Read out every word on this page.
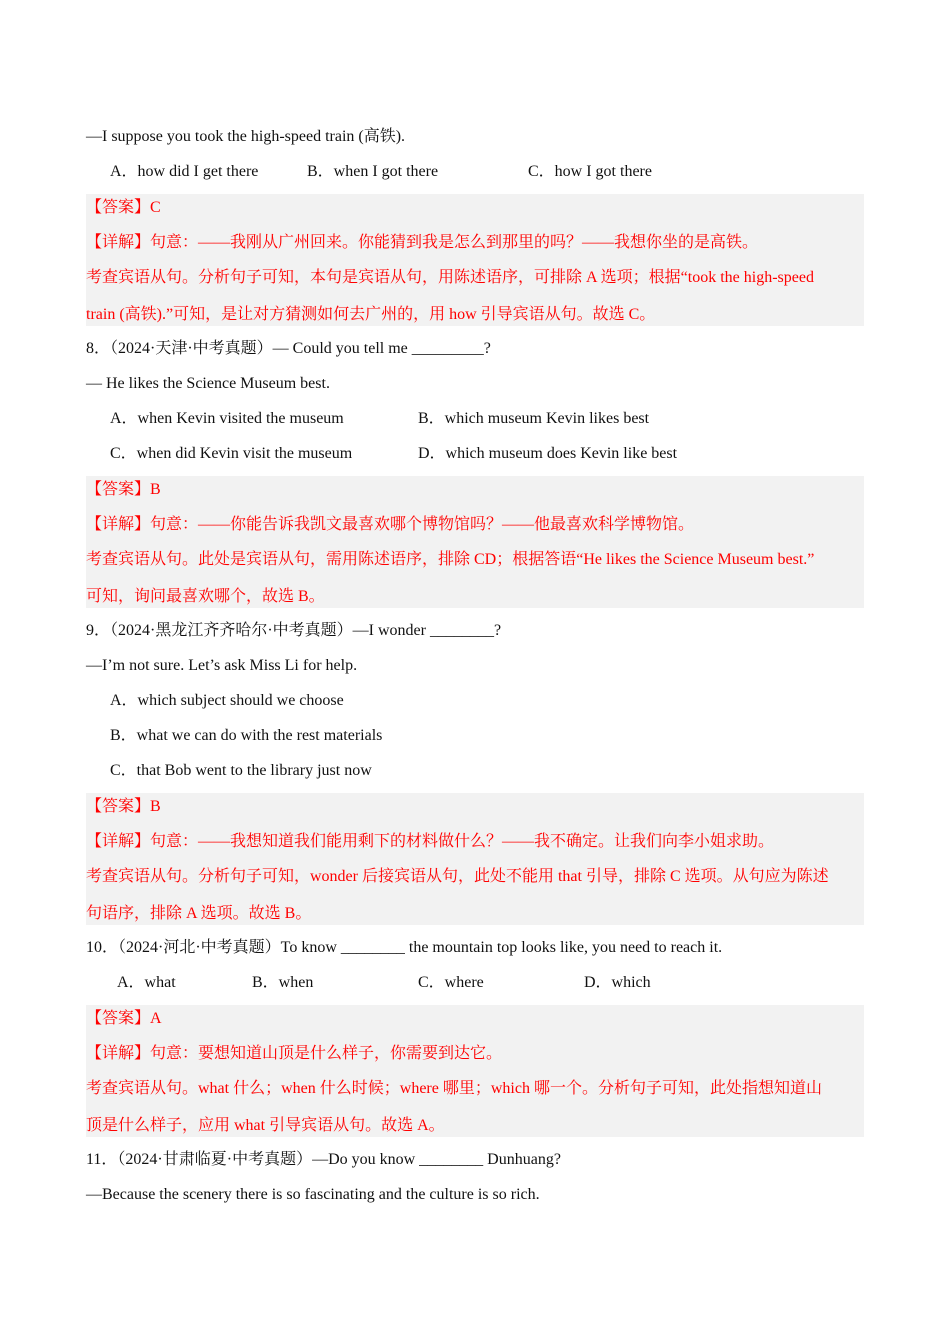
—I suppose you took the high-speed train (高铁).
A．how did I get there	B．when I got there	C．how I got there
【答案】C
【详解】句意：——我刚从广州回来。你能猜到我是怎么到那里的吗？——我想你坐的是高铁。
考查宾语从句。分析句子可知，本句是宾语从句，用陈述语序，可排除 A 选项；根据“took the high-speed
train (高铁).”可知，是让对方猜测如何去广州的，用 how 引导宾语从句。故选 C。
8．（2024·天津·中考真题）— Could you tell me _________?
— He likes the Science Museum best.
A．when Kevin visited the museum	B．which museum Kevin likes best
C．when did Kevin visit the museum	D．which museum does Kevin like best
【答案】B
【详解】句意：——你能告诉我凯文最喜欢哪个博物馆吗？——他最喜欢科学博物馆。
考查宾语从句。此处是宾语从句，需用陈述语序，排除 CD；根据答语“He likes the Science Museum best.”
可知，询问最喜欢哪个，故选 B。
9．（2024·黑龙江齐齐哈尔·中考真题）—I wonder ________?
—I’m not sure. Let’s ask Miss Li for help.
A．which subject should we choose
B．what we can do with the rest materials
C．that Bob went to the library just now
【答案】B
【详解】句意：——我想知道我们能用剩下的材料做什么？——我不确定。让我们向李小姐求助。
考查宾语从句。分析句子可知，wonder 后接宾语从句，此处不能用 that 引导，排除 C 选项。从句应为陈述
句语序，排除 A 选项。故选 B。
10．（2024·河北·中考真题）To know ________ the mountain top looks like, you need to reach it.
A．what	B．when	C．where	D．which
【答案】A
【详解】句意：要想知道山顶是什么样子，你需要到达它。
考查宾语从句。what 什么；when 什么时候；where 哪里；which 哪一个。分析句子可知，此处指想知道山
顶是什么样子，应用 what 引导宾语从句。故选 A。
11．（2024·甘肃临夏·中考真题）—Do you know ________ Dunhuang?
—Because the scenery there is so fascinating and the culture is so rich.
